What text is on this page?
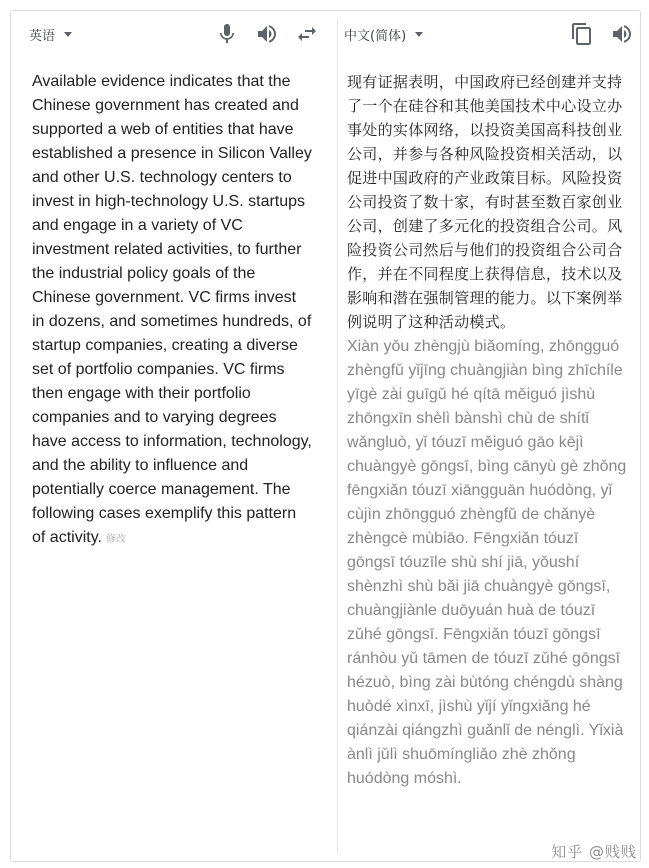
英语	中文(简体)
Available evidence indicates that the Chinese government has created and supported a web of entities that have established a presence in Silicon Valley and other U.S. technology centers to invest in high-technology U.S. startups and engage in a variety of VC investment related activities, to further the industrial policy goals of the Chinese government. VC firms invest in dozens, and sometimes hundreds, of startup companies, creating a diverse set of portfolio companies. VC firms then engage with their portfolio companies and to varying degrees have access to information, technology, and the ability to influence and potentially coerce management. The following cases exemplify this pattern of activity. 修改
现有证据表明，中国政府已经创建并支持了一个在硅谷和其他美国技术中心设立办事处的实体网络，以投资美国高科技创业公司，并参与各种风险投资相关活动，以促进中国政府的产业政策目标。风险投资公司投资了数十家，有时甚至数百家创业公司，创建了多元化的投资组合公司。风险投资公司然后与他们的投资组合公司合作，并在不同程度上获得信息，技术以及影响和潜在强制管理的能力。以下案例举例说明了这种活动模式。
Xiàn yǒu zhèngjù biǎomíng, zhōngguó zhèngfǔ yǐjīng chuàngjiàn bìng zhīchíle yīgè zài guīgǔ hé qítā měiguó jìshù zhōngxīn shèlì bànshì chù de shítǐ wǎngluò, yǐ tóuzī měiguó gāo kējì chuàngyè gōngsī, bìng cānyù gè zhǒng fēngxiǎn tóuzī xiāngguān huódòng, yǐ cùjìn zhōngguó zhèngfǔ de chǎnyè zhèngcè mùbiāo. Fēngxiǎn tóuzī gōngsī tóuzīle shù shí jiā, yǒushí shènzhì shù bǎi jiā chuàngyè gōngsī, chuàngjiànle duōyuán huà de tóuzī zǔhé gōngsī. Fēngxiǎn tóuzī gōngsī ránhòu yǔ tāmen de tóuzī zǔhé gōngsī hézuò, bìng zài bùtóng chéngdù shàng huòdé xìnxī, jìshù yǐjí yǐngxiǎng hé qiánzài qiángzhì guǎnlǐ de nénglì. Yǐxià ànlì jǔlì shuōmíngliǎo zhè zhǒng huódòng móshì.
知乎 @贱贱
